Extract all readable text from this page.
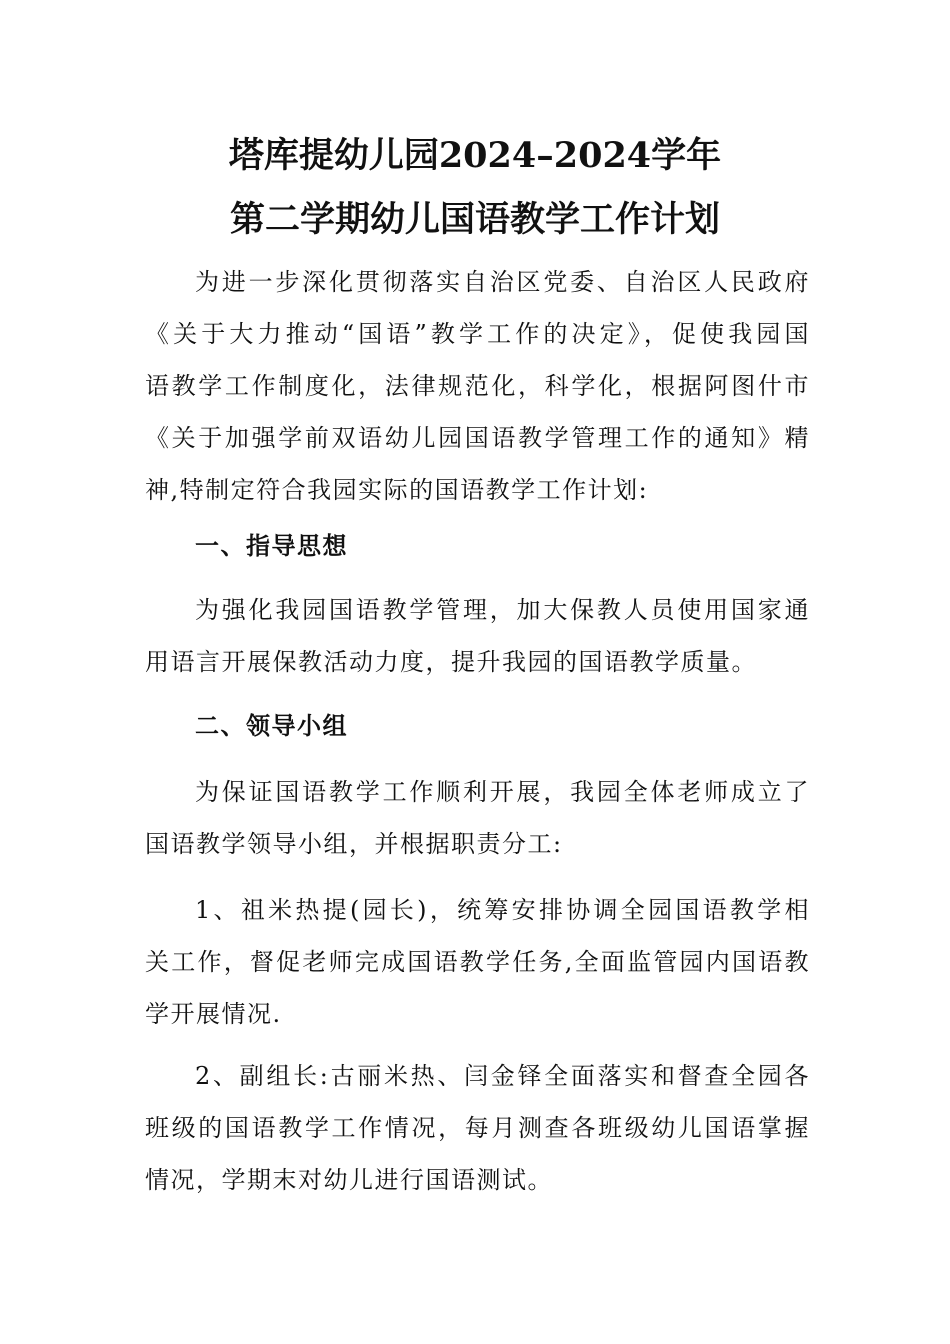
塔库提幼儿园2024–2024学年
第二学期幼儿国语教学工作计划
为进一步深化贯彻落实自治区党委、自治区人民政府
《关于大力推动“国语”教学工作的决定》，促使我园国
语教学工作制度化，法律规范化，科学化，根据阿图什市
《关于加强学前双语幼儿园国语教学管理工作的通知》精
神,特制定符合我园实际的国语教学工作计划:
一、指导思想
为强化我园国语教学管理，加大保教人员使用国家通
用语言开展保教活动力度，提升我园的国语教学质量。
二、领导小组
为保证国语教学工作顺利开展，我园全体老师成立了
国语教学领导小组，并根据职责分工:
1、祖米热提(园长)，统筹安排协调全园国语教学相
关工作，督促老师完成国语教学任务,全面监管园内国语教
学开展情况.
2、副组长:古丽米热、闫金铎全面落实和督查全园各
班级的国语教学工作情况，每月测查各班级幼儿国语掌握
情况，学期末对幼儿进行国语测试。
